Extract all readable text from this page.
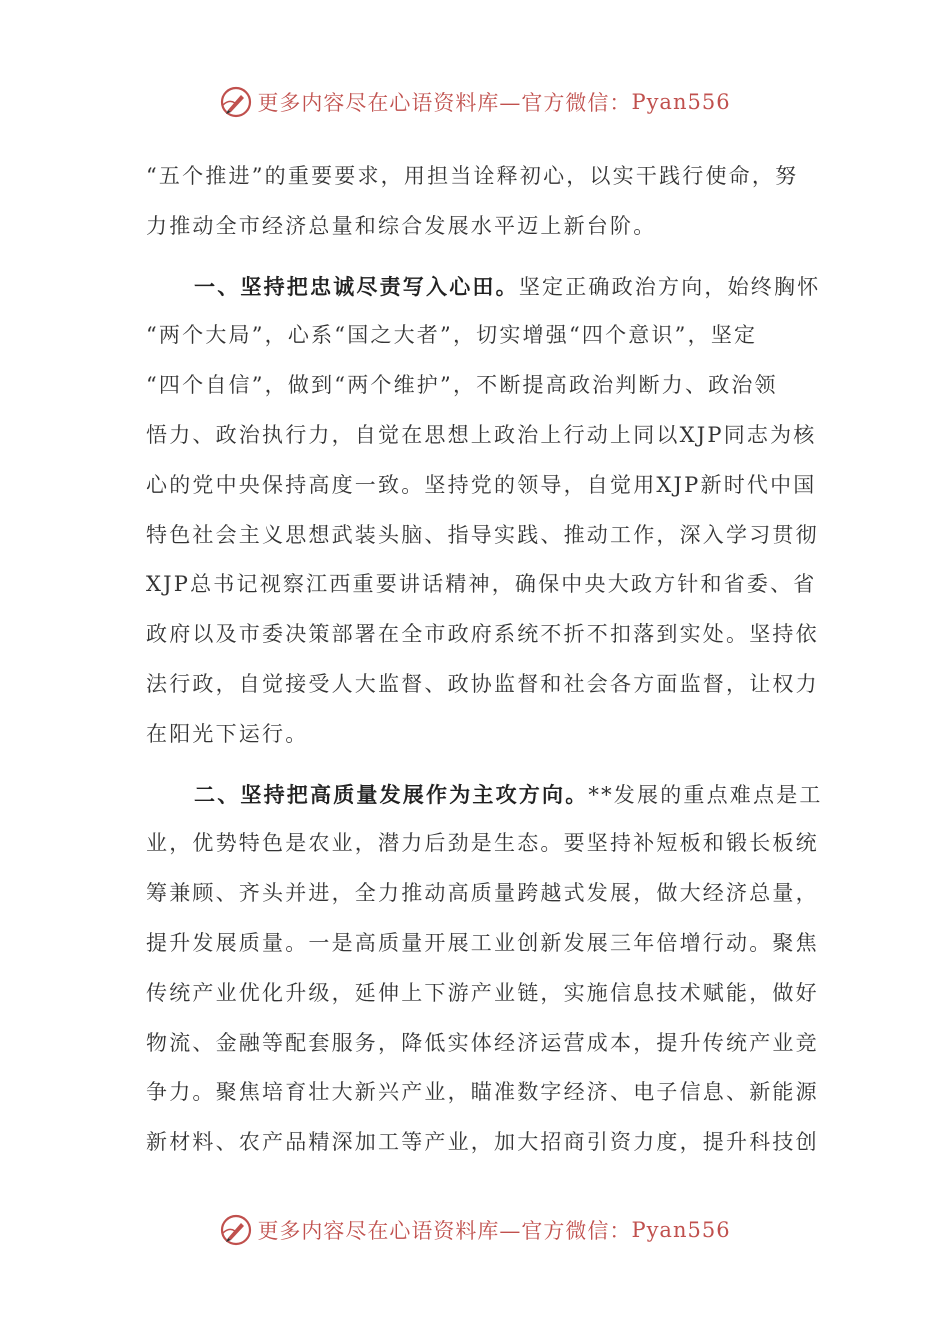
更多内容尽在心语资料库—官方微信： Pyan556
“五个推进”的重要要求，用担当诠释初心，以实干践行使命，努
力推动全市经济总量和综合发展水平迈上新台阶。
一、坚持把忠诚尽责写入心田。坚定正确政治方向，始终胸怀
“两个大局”，心系“国之大者”，切实增强“四个意识”，坚定
“四个自信”，做到“两个维护”，不断提高政治判断力、政治领
悟力、政治执行力，自觉在思想上政治上行动上同以XJP同志为核
心的党中央保持高度一致。坚持党的领导，自觉用XJP新时代中国
特色社会主义思想武装头脑、指导实践、推动工作，深入学习贯彻
XJP总书记视察江西重要讲话精神，确保中央大政方针和省委、省
政府以及市委决策部署在全市政府系统不折不扣落到实处。坚持依
法行政，自觉接受人大监督、政协监督和社会各方面监督，让权力
在阳光下运行。
二、坚持把高质量发展作为主攻方向。**发展的重点难点是工
业，优势特色是农业，潜力后劲是生态。要坚持补短板和锻长板统
筹兼顾、齐头并进，全力推动高质量跨越式发展，做大经济总量，
提升发展质量。一是高质量开展工业创新发展三年倍增行动。聚焦
传统产业优化升级，延伸上下游产业链，实施信息技术赋能，做好
物流、金融等配套服务，降低实体经济运营成本，提升传统产业竞
争力。聚焦培育壮大新兴产业，瞄准数字经济、电子信息、新能源
新材料、农产品精深加工等产业，加大招商引资力度，提升科技创
更多内容尽在心语资料库—官方微信： Pyan556
